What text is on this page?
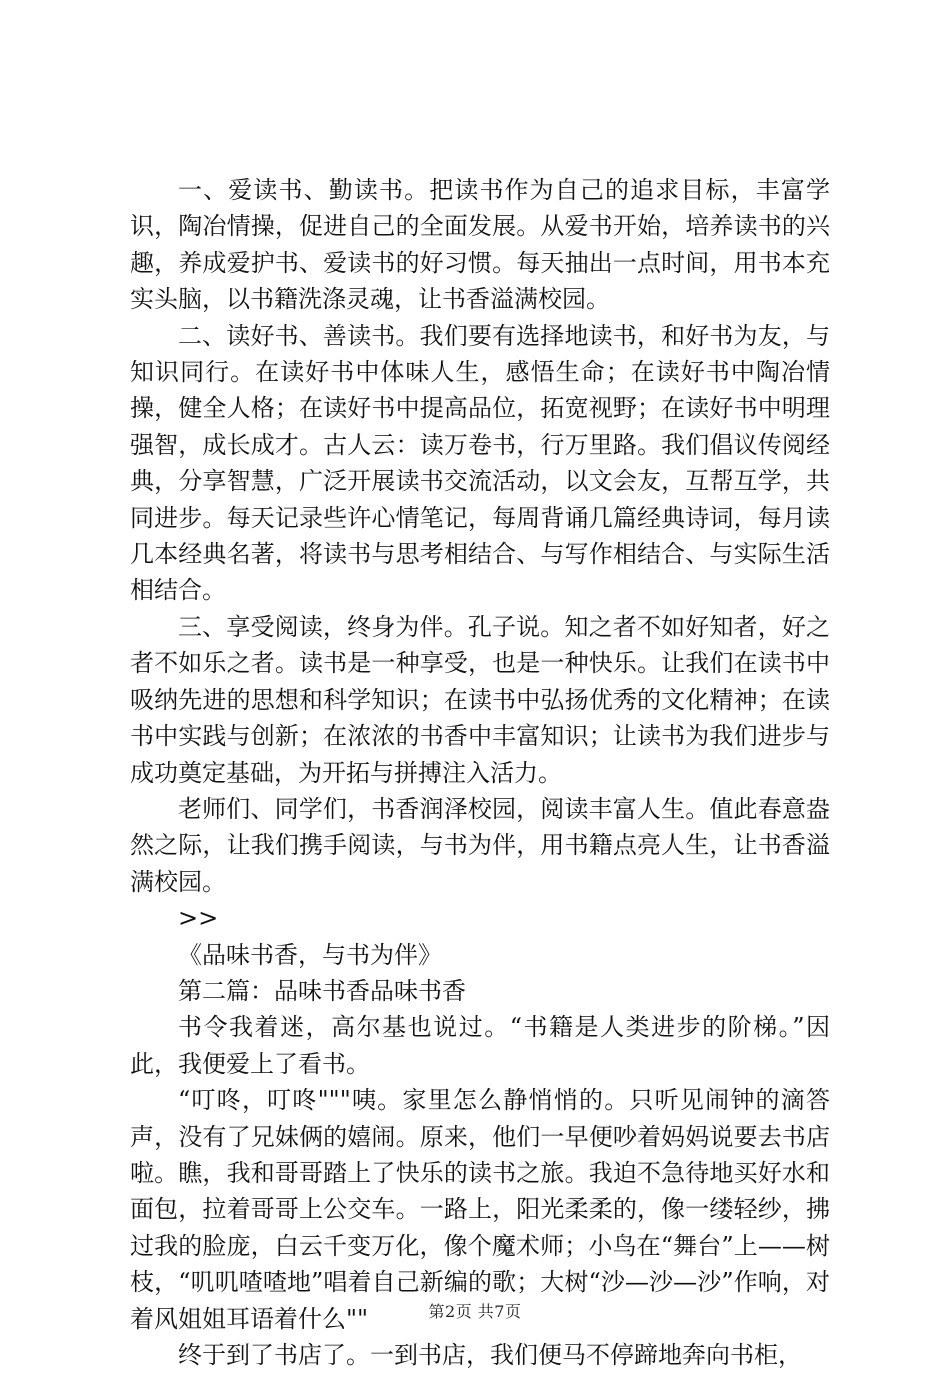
一、爱读书、勤读书。把读书作为自己的追求目标，丰富学识，陶冶情操，促进自己的全面发展。从爱书开始，培养读书的兴趣，养成爱护书、爱读书的好习惯。每天抽出一点时间，用书本充实头脑，以书籍洗涤灵魂，让书香溢满校园。

二、读好书、善读书。我们要有选择地读书，和好书为友，与知识同行。在读好书中体味人生，感悟生命；在读好书中陶冶情操，健全人格；在读好书中提高品位，拓宽视野；在读好书中明理强智，成长成才。古人云：读万卷书，行万里路。我们倡议传阅经典，分享智慧，广泛开展读书交流活动，以文会友，互帮互学，共同进步。每天记录些许心情笔记，每周背诵几篇经典诗词，每月读几本经典名著，将读书与思考相结合、与写作相结合、与实际生活相结合。

三、享受阅读，终身为伴。孔子说。知之者不如好知者，好之者不如乐之者。读书是一种享受，也是一种快乐。让我们在读书中吸纳先进的思想和科学知识；在读书中弘扬优秀的文化精神；在读书中实践与创新；在浓浓的书香中丰富知识；让读书为我们进步与成功奠定基础，为开拓与拼搏注入活力。

老师们、同学们，书香润泽校园，阅读丰富人生。值此春意盎然之际，让我们携手阅读，与书为伴，用书籍点亮人生，让书香溢满校园。

>>

《品味书香，与书为伴》

第二篇：品味书香品味书香

书令我着迷，高尔基也说过。“书籍是人类进步的阶梯。”因此，我便爱上了看书。

“叮咚，叮咚"""咦。家里怎么静悄悄的。只听见闹钟的滴答声，没有了兄妹俩的嬉闹。原来，他们一早便吵着妈妈说要去书店啦。瞧，我和哥哥踏上了快乐的读书之旅。我迫不急待地买好水和面包，拉着哥哥上公交车。一路上，阳光柔柔的，像一缕轻纱，拂过我的脸庞，白云千变万化，像个魔术师；小鸟在“舞台”上——树枝，“叽叽喳喳地”唱着自己新编的歌；大树“沙—沙—沙”作响，对着风姐姐耳语着什么""

终于到了书店了。一到书店，我们便马不停蹄地奔向书柜，

第2页 共7页
